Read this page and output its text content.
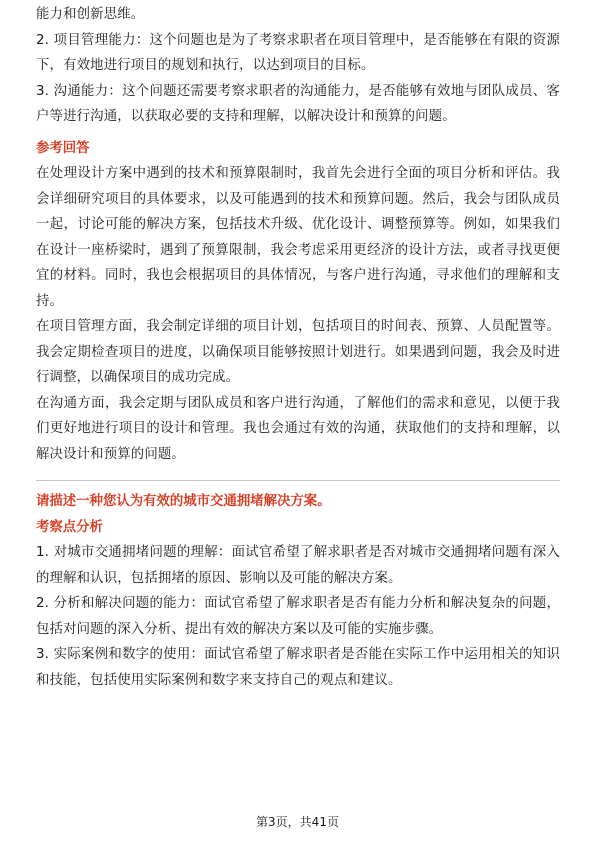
能力和创新思维。

2. 项目管理能力：这个问题也是为了考察求职者在项目管理中，是否能够在有限的资源下，有效地进行项目的规划和执行，以达到项目的目标。

3. 沟通能力：这个问题还需要考察求职者的沟通能力，是否能够有效地与团队成员、客户等进行沟通，以获取必要的支持和理解，以解决设计和预算的问题。

参考回答

在处理设计方案中遇到的技术和预算限制时，我首先会进行全面的项目分析和评估。我会详细研究项目的具体要求，以及可能遇到的技术和预算问题。然后，我会与团队成员一起，讨论可能的解决方案，包括技术升级、优化设计、调整预算等。例如，如果我们在设计一座桥梁时，遇到了预算限制，我会考虑采用更经济的设计方法，或者寻找更便宜的材料。同时，我也会根据项目的具体情况，与客户进行沟通，寻求他们的理解和支持。

在项目管理方面，我会制定详细的项目计划，包括项目的时间表、预算、人员配置等。我会定期检查项目的进度，以确保项目能够按照计划进行。如果遇到问题，我会及时进行调整，以确保项目的成功完成。

在沟通方面，我会定期与团队成员和客户进行沟通，了解他们的需求和意见，以便于我们更好地进行项目的设计和管理。我也会通过有效的沟通，获取他们的支持和理解，以解决设计和预算的问题。

请描述一种您认为有效的城市交通拥堵解决方案。

考察点分析

1. 对城市交通拥堵问题的理解：面试官希望了解求职者是否对城市交通拥堵问题有深入的理解和认识，包括拥堵的原因、影响以及可能的解决方案。

2. 分析和解决问题的能力：面试官希望了解求职者是否有能力分析和解决复杂的问题，包括对问题的深入分析、提出有效的解决方案以及可能的实施步骤。

3. 实际案例和数字的使用：面试官希望了解求职者是否能在实际工作中运用相关的知识和技能，包括使用实际案例和数字来支持自己的观点和建议。

第3页，共41页
